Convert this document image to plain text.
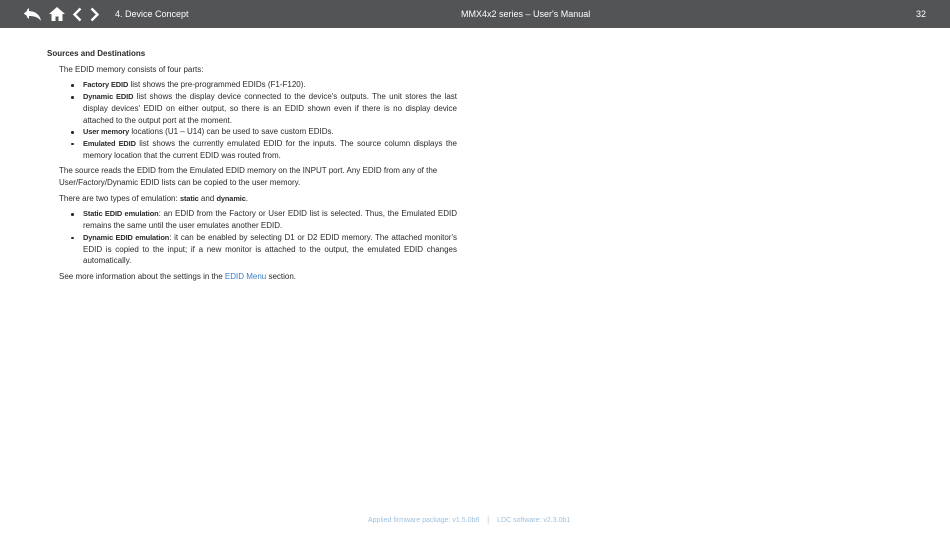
4. Device Concept	MMX4x2 series – User's Manual	32

Sources and Destinations

The EDID memory consists of four parts:

Factory EDID list shows the pre-programmed EDIDs (F1-F120).
Dynamic EDID list shows the display device connected to the device's outputs. The unit stores the last display devices' EDID on either output, so there is an EDID shown even if there is no display device attached to the output port at the moment.
User memory locations (U1 – U14) can be used to save custom EDIDs.
Emulated EDID list shows the currently emulated EDID for the inputs. The source column displays the memory location that the current EDID was routed from.

The source reads the EDID from the Emulated EDID memory on the INPUT port. Any EDID from any of the User/Factory/Dynamic EDID lists can be copied to the user memory.

There are two types of emulation: static and dynamic.

Static EDID emulation: an EDID from the Factory or User EDID list is selected. Thus, the Emulated EDID remains the same until the user emulates another EDID.
Dynamic EDID emulation: it can be enabled by selecting D1 or D2 EDID memory. The attached monitor's EDID is copied to the input; if a new monitor is attached to the output, the emulated EDID changes automatically.

See more information about the settings in the EDID Menu section.

Applied firmware package: v1.5.0b8 | LDC software: v2.3.0b1
